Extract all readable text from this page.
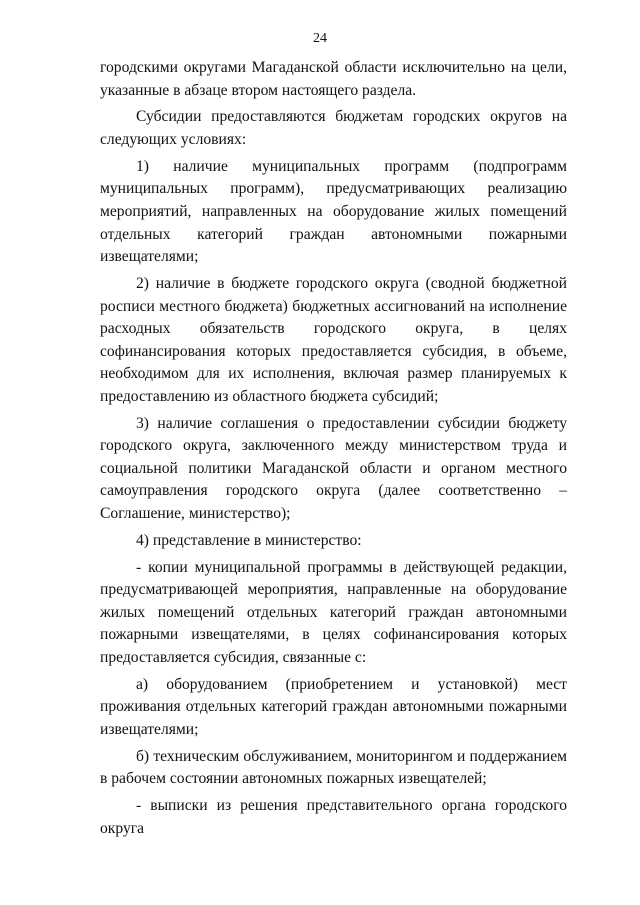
24

городскими округами Магаданской области исключительно на цели, указанные в абзаце втором настоящего раздела.

Субсидии предоставляются бюджетам городских округов на следующих условиях:

1) наличие муниципальных программ (подпрограмм муниципальных программ), предусматривающих реализацию мероприятий, направленных на оборудование жилых помещений отдельных категорий граждан автономными пожарными извещателями;

2) наличие в бюджете городского округа (сводной бюджетной росписи местного бюджета) бюджетных ассигнований на исполнение расходных обязательств городского округа, в целях софинансирования которых предоставляется субсидия, в объеме, необходимом для их исполнения, включая размер планируемых к предоставлению из областного бюджета субсидий;

3) наличие соглашения о предоставлении субсидии бюджету городского округа, заключенного между министерством труда и социальной политики Магаданской области и органом местного самоуправления городского округа (далее соответственно – Соглашение, министерство);

4) представление в министерство:

- копии муниципальной программы в действующей редакции, предусматривающей мероприятия, направленные на оборудование жилых помещений отдельных категорий граждан автономными пожарными извещателями, в целях софинансирования которых предоставляется субсидия, связанные с:

а) оборудованием (приобретением и установкой) мест проживания отдельных категорий граждан автономными пожарными извещателями;

б) техническим обслуживанием, мониторингом и поддержанием в рабочем состоянии автономных пожарных извещателей;

- выписки из решения представительного органа городского округа
